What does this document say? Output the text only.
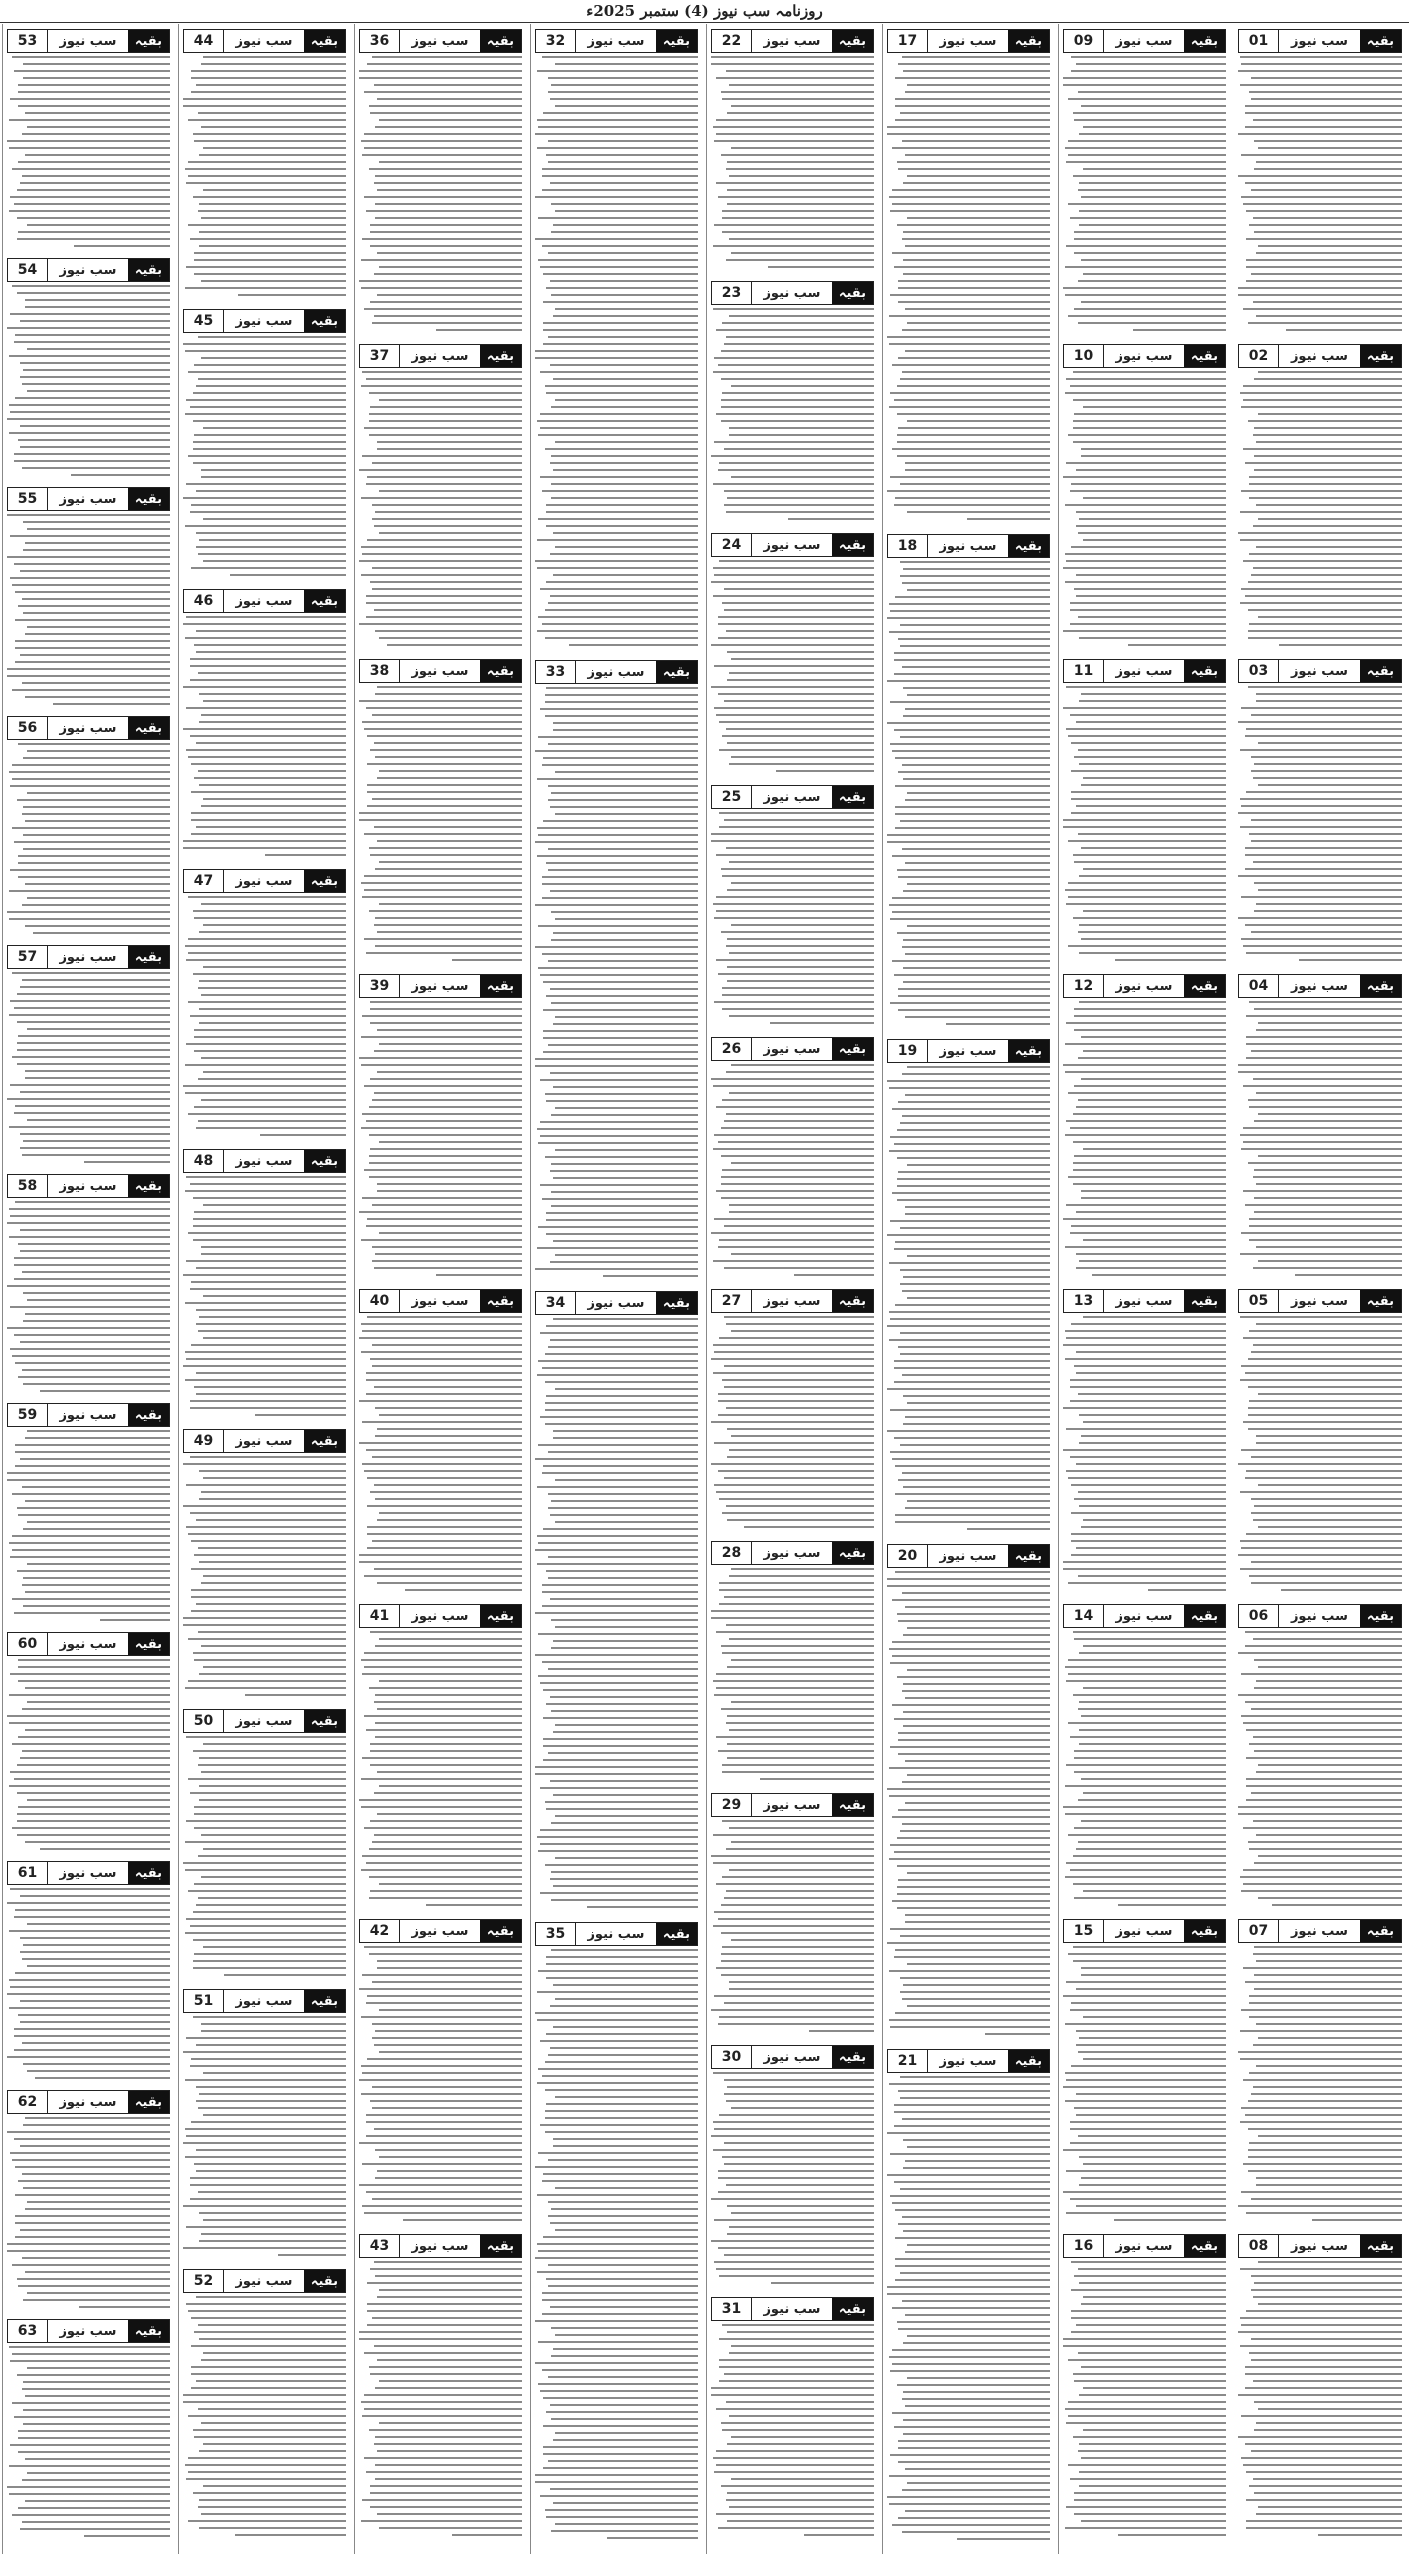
روزنامہ سب نیوز (4) ستمبر 2025ء
01	سب نیوز	بقیہ
02	سب نیوز	بقیہ
03	سب نیوز	بقیہ
04	سب نیوز	بقیہ
05	سب نیوز	بقیہ
06	سب نیوز	بقیہ
07	سب نیوز	بقیہ
08	سب نیوز	بقیہ
09	سب نیوز	بقیہ
10	سب نیوز	بقیہ
11	سب نیوز	بقیہ
12	سب نیوز	بقیہ
13	سب نیوز	بقیہ
14	سب نیوز	بقیہ
15	سب نیوز	بقیہ
16	سب نیوز	بقیہ
17	سب نیوز	بقیہ
18	سب نیوز	بقیہ
19	سب نیوز	بقیہ
20	سب نیوز	بقیہ
21	سب نیوز	بقیہ
22	سب نیوز	بقیہ
23	سب نیوز	بقیہ
24	سب نیوز	بقیہ
25	سب نیوز	بقیہ
26	سب نیوز	بقیہ
27	سب نیوز	بقیہ
28	سب نیوز	بقیہ
29	سب نیوز	بقیہ
30	سب نیوز	بقیہ
31	سب نیوز	بقیہ
32	سب نیوز	بقیہ
33	سب نیوز	بقیہ
34	سب نیوز	بقیہ
35	سب نیوز	بقیہ
36	سب نیوز	بقیہ
37	سب نیوز	بقیہ
38	سب نیوز	بقیہ
39	سب نیوز	بقیہ
40	سب نیوز	بقیہ
41	سب نیوز	بقیہ
42	سب نیوز	بقیہ
43	سب نیوز	بقیہ
44	سب نیوز	بقیہ
45	سب نیوز	بقیہ
46	سب نیوز	بقیہ
47	سب نیوز	بقیہ
48	سب نیوز	بقیہ
49	سب نیوز	بقیہ
50	سب نیوز	بقیہ
51	سب نیوز	بقیہ
52	سب نیوز	بقیہ
53	سب نیوز	بقیہ
54	سب نیوز	بقیہ
55	سب نیوز	بقیہ
56	سب نیوز	بقیہ
57	سب نیوز	بقیہ
58	سب نیوز	بقیہ
59	سب نیوز	بقیہ
60	سب نیوز	بقیہ
61	سب نیوز	بقیہ
62	سب نیوز	بقیہ
63	سب نیوز	بقیہ
